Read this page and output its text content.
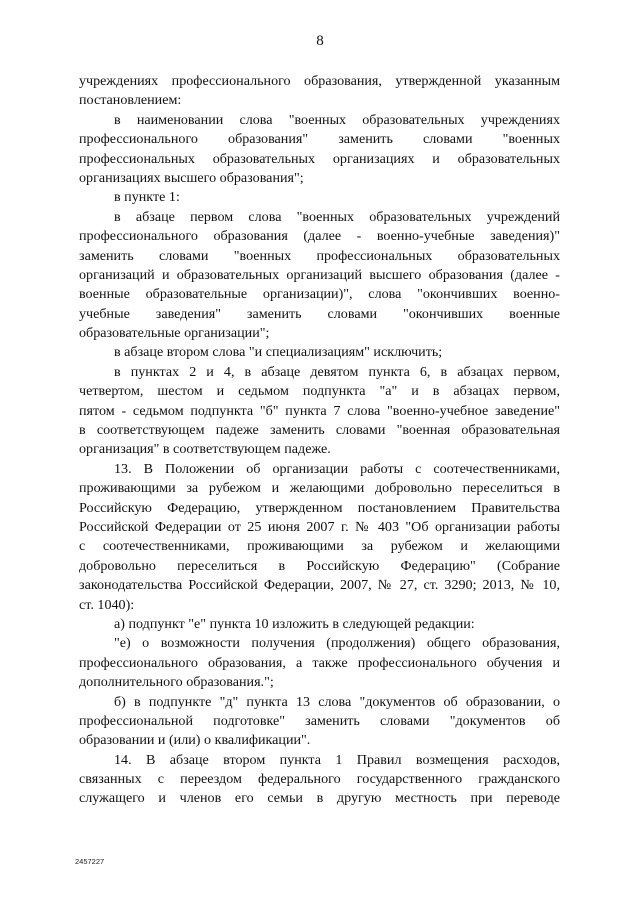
8
учреждениях профессионального образования, утвержденной указанным
постановлением:
в наименовании слова "военных образовательных учреждениях
профессионального образования" заменить словами "военных
профессиональных образовательных организациях и образовательных
организациях высшего образования";
в пункте 1:
в абзаце первом слова "военных образовательных учреждений
профессионального образования (далее - военно-учебные заведения)"
заменить словами "военных профессиональных образовательных
организаций и образовательных организаций высшего образования (далее -
военные образовательные организации)", слова "окончивших военно-
учебные заведения" заменить словами "окончивших военные
образовательные организации";
в абзаце втором слова "и специализациям" исключить;
в пунктах 2 и 4, в абзаце девятом пункта 6, в абзацах первом,
четвертом, шестом и седьмом подпункта "а" и в абзацах первом,
пятом - седьмом подпункта "б" пункта 7 слова "военно-учебное заведение"
в соответствующем падеже заменить словами "военная образовательная
организация" в соответствующем падеже.
13. В Положении об организации работы с соотечественниками,
проживающими за рубежом и желающими добровольно переселиться в
Российскую Федерацию, утвержденном постановлением Правительства
Российской Федерации от 25 июня 2007 г. № 403 "Об организации работы
с соотечественниками, проживающими за рубежом и желающими
добровольно переселиться в Российскую Федерацию" (Собрание
законодательства Российской Федерации, 2007, № 27, ст. 3290; 2013, № 10,
ст. 1040):
а) подпункт "е" пункта 10 изложить в следующей редакции:
"е) о возможности получения (продолжения) общего образования,
профессионального образования, а также профессионального обучения и
дополнительного образования.";
б) в подпункте "д" пункта 13 слова "документов об образовании, о
профессиональной подготовке" заменить словами "документов об
образовании и (или) о квалификации".
14. В абзаце втором пункта 1 Правил возмещения расходов,
связанных с переездом федерального государственного гражданского
служащего и членов его семьи в другую местность при переводе
2457227
